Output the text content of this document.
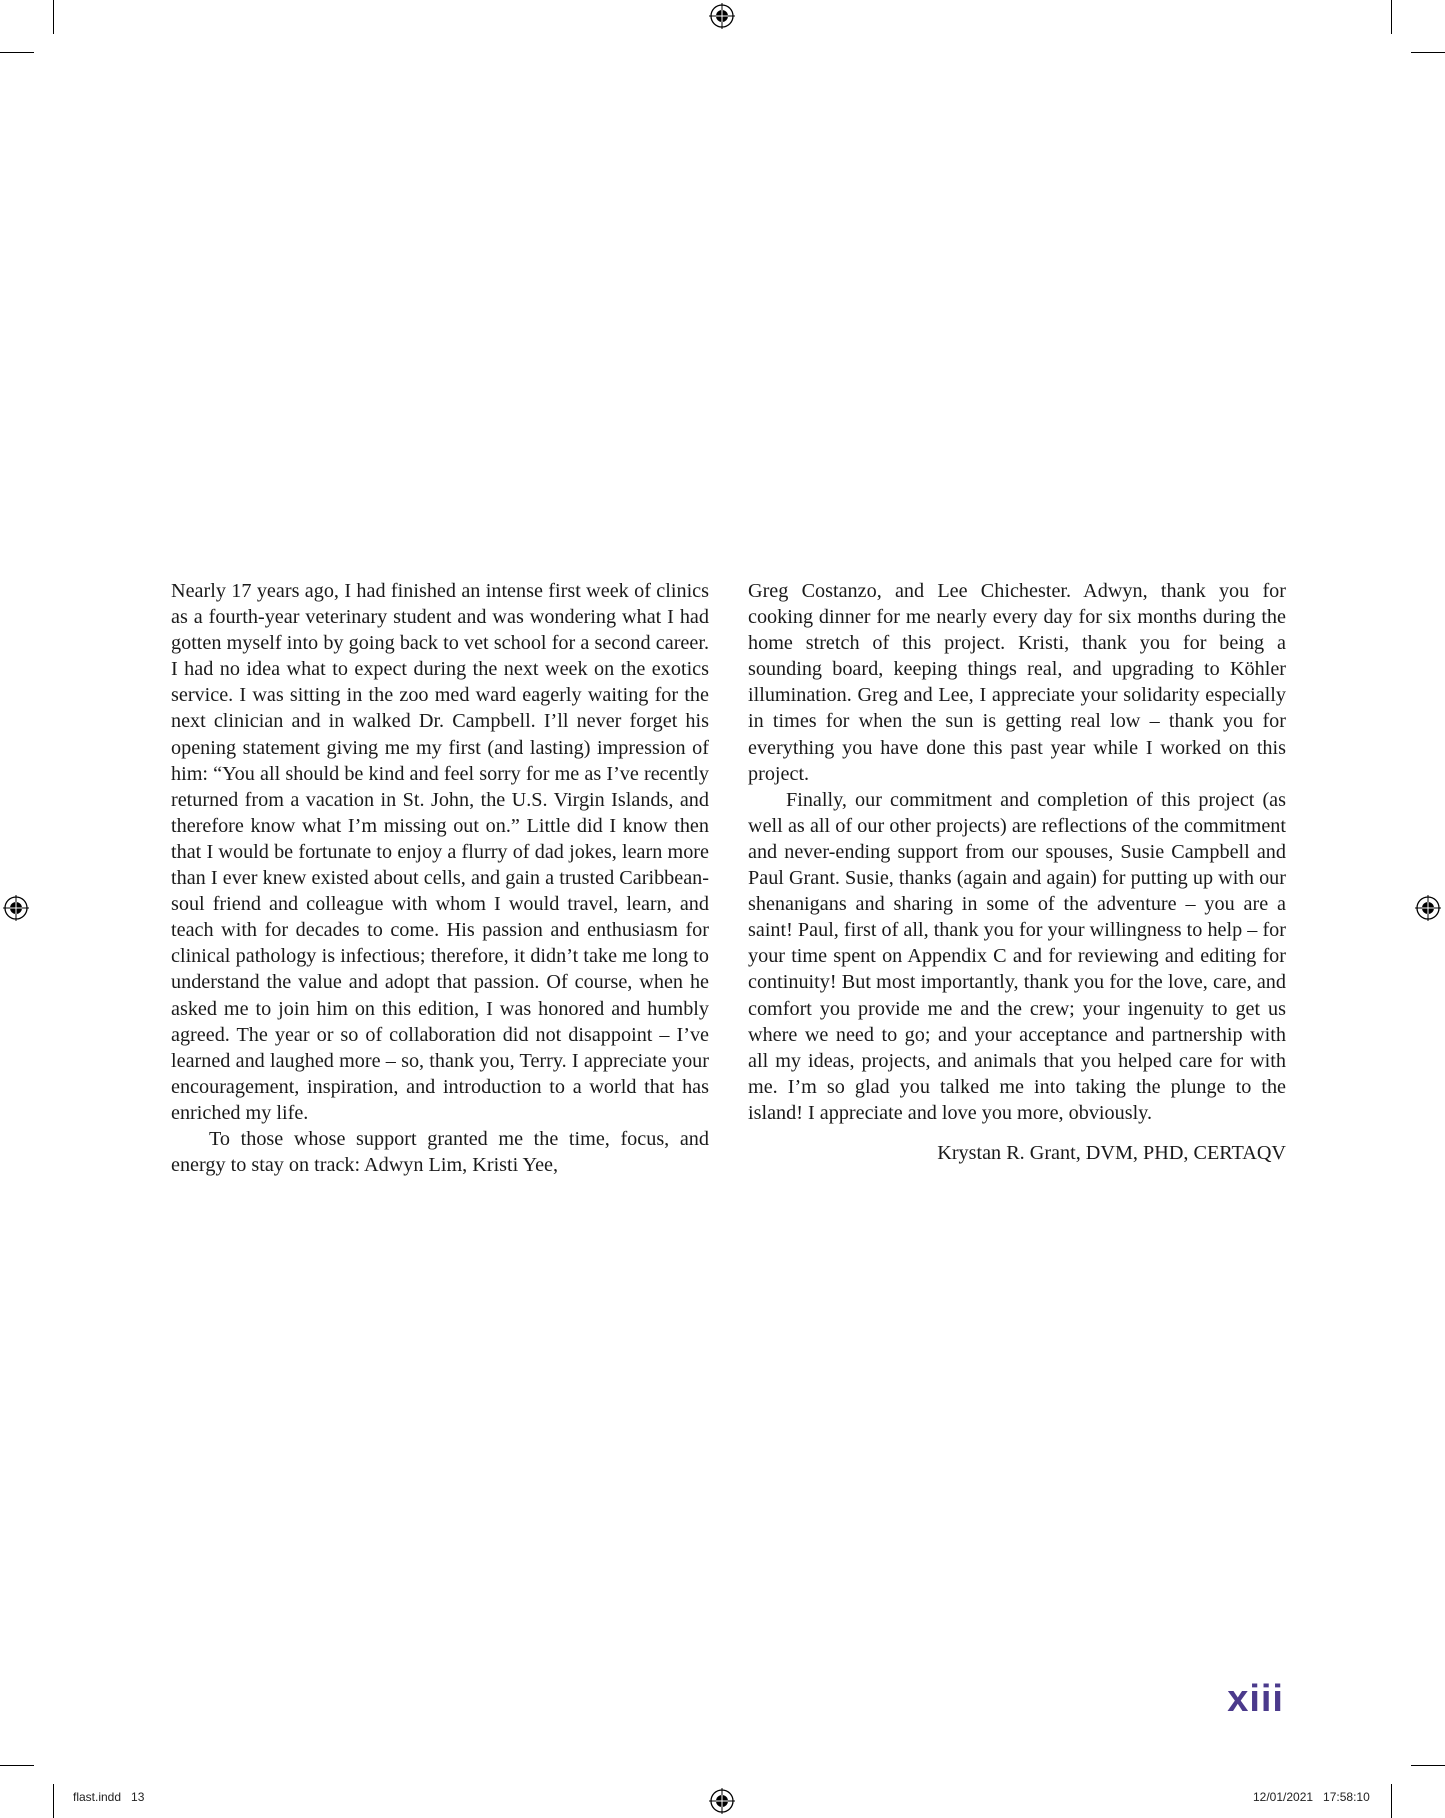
Nearly 17 years ago, I had finished an intense first week of clinics as a fourth-year veterinary student and was wondering what I had gotten myself into by going back to vet school for a second career. I had no idea what to expect during the next week on the exotics service. I was sitting in the zoo med ward eagerly waiting for the next clinician and in walked Dr. Campbell. I’ll never forget his opening statement giving me my first (and lasting) impression of him: “You all should be kind and feel sorry for me as I’ve recently returned from a vacation in St. John, the U.S. Virgin Islands, and therefore know what I’m missing out on.” Little did I know then that I would be fortunate to enjoy a flurry of dad jokes, learn more than I ever knew existed about cells, and gain a trusted Caribbean-soul friend and colleague with whom I would travel, learn, and teach with for decades to come. His passion and enthusiasm for clinical pathology is infectious; therefore, it didn’t take me long to understand the value and adopt that passion. Of course, when he asked me to join him on this edition, I was honored and humbly agreed. The year or so of collaboration did not disappoint – I’ve learned and laughed more – so, thank you, Terry. I appreciate your encouragement, inspiration, and introduction to a world that has enriched my life.

To those whose support granted me the time, focus, and energy to stay on track: Adwyn Lim, Kristi Yee,

Greg Costanzo, and Lee Chichester. Adwyn, thank you for cooking dinner for me nearly every day for six months during the home stretch of this project. Kristi, thank you for being a sounding board, keeping things real, and upgrading to Köhler illumination. Greg and Lee, I appreciate your solidarity especially in times for when the sun is getting real low – thank you for everything you have done this past year while I worked on this project.

Finally, our commitment and completion of this project (as well as all of our other projects) are reflections of the commitment and never-ending support from our spouses, Susie Campbell and Paul Grant. Susie, thanks (again and again) for putting up with our shenanigans and sharing in some of the adventure – you are a saint! Paul, first of all, thank you for your willingness to help – for your time spent on Appendix C and for reviewing and editing for continuity! But most importantly, thank you for the love, care, and comfort you provide me and the crew; your ingenuity to get us where we need to go; and your acceptance and partnership with all my ideas, projects, and animals that you helped care for with me. I’m so glad you talked me into taking the plunge to the island! I appreciate and love you more, obviously.

Krystan R. Grant, DVM, PHD, CERTAQV

xiii
flast.indd   13	12/01/2021   17:58:10
